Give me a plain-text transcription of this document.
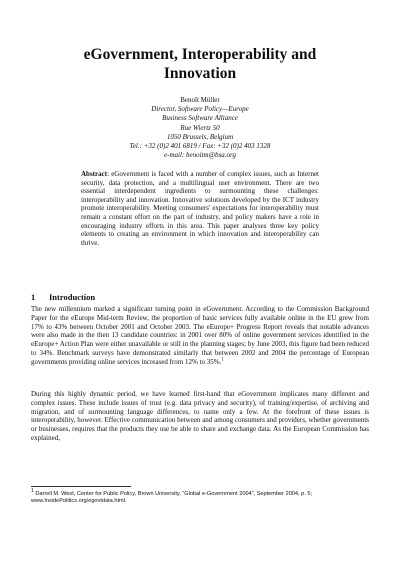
eGovernment, Interoperability and
Innovation
Benoît Müller
Director, Software Policy—Europe
Business Software Alliance
Rue Wiertz 50
1050 Brussels, Belgium
Tel.: +32 (0)2 401 6819 / Fax: +32 (0)2 403 1328
e-mail: benoitm@bsa.org
Abstract: eGovernment is faced with a number of complex issues, such as Internet security, data protection, and a multilingual user environment. There are two essential interdependent ingredients to surmounting these challenges: interoperability and innovation. Innovative solutions developed by the ICT industry promote interoperability. Meeting consumers' expectations for interoperability must remain a constant effort on the part of industry, and policy makers have a role in encouraging industry efforts in this area. This paper analyses three key policy elements to creating an environment in which innovation and interoperability can thrive.
1 Introduction
The new millennium marked a significant turning point in eGovernment. According to the Commission Background Paper for the eEurope Mid-term Review, the proportion of basic services fully available online in the EU grew from 17% to 43% between October 2001 and October 2003. The eEurope+ Progress Report reveals that notable advances were also made in the then 13 candidate countries: in 2001 over 80% of online government services identified in the eEurope+ Action Plan were either unavailable or still in the planning stages; by June 2003, this figure had been reduced to 34%. Benchmark surveys have demonstrated similarly that between 2002 and 2004 the percentage of European governments providing online services increased from 12% to 35%.$^1$
During this highly dynamic period, we have learned first-hand that eGovernment implicates many different and complex issues. These include issues of trust (e.g. data privacy and security), of training/expertise, of archiving and migration, and of surmounting language differences, to name only a few. At the forefront of these issues is interoperability, however. Effective communication between and among consumers and providers, whether governments or businesses, requires that the products they use be able to share and exchange data. As the European Commission has explained,
1 Darrell M. West, Center for Public Policy, Brown University, “Global e-Government 2004”, September 2004, p. 5; www.InsidePolitics.org/egovtdata.html.
